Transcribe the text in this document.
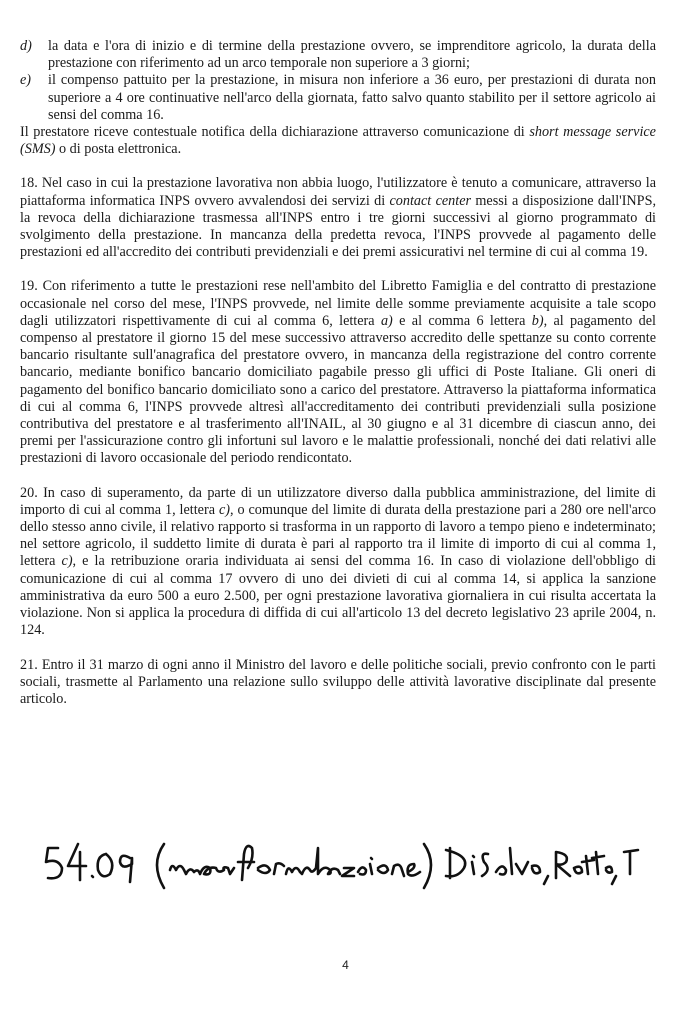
d) la data e l'ora di inizio e di termine della prestazione ovvero, se imprenditore agricolo, la durata della prestazione con riferimento ad un arco temporale non superiore a 3 giorni;
e) il compenso pattuito per la prestazione, in misura non inferiore a 36 euro, per prestazioni di durata non superiore a 4 ore continuative nell'arco della giornata, fatto salvo quanto stabilito per il settore agricolo ai sensi del comma 16.

Il prestatore riceve contestuale notifica della dichiarazione attraverso comunicazione di short message service (SMS) o di posta elettronica.

18. Nel caso in cui la prestazione lavorativa non abbia luogo, l'utilizzatore è tenuto a comunicare, attraverso la piattaforma informatica INPS ovvero avvalendosi dei servizi di contact center messi a disposizione dall'INPS, la revoca della dichiarazione trasmessa all'INPS entro i tre giorni successivi al giorno programmato di svolgimento della prestazione. In mancanza della predetta revoca, l'INPS provvede al pagamento delle prestazioni ed all'accredito dei contributi previdenziali e dei premi assicurativi nel termine di cui al comma 19.

19. Con riferimento a tutte le prestazioni rese nell'ambito del Libretto Famiglia e del contratto di prestazione occasionale nel corso del mese, l'INPS provvede, nel limite delle somme previamente acquisite a tale scopo dagli utilizzatori rispettivamente di cui al comma 6, lettera a) e al comma 6 lettera b), al pagamento del compenso al prestatore il giorno 15 del mese successivo attraverso accredito delle spettanze su conto corrente bancario risultante sull'anagrafica del prestatore ovvero, in mancanza della registrazione del contro corrente bancario, mediante bonifico bancario domiciliato pagabile presso gli uffici di Poste Italiane. Gli oneri di pagamento del bonifico bancario domiciliato sono a carico del prestatore. Attraverso la piattaforma informatica di cui al comma 6, l'INPS provvede altresì all'accreditamento dei contributi previdenziali sulla posizione contributiva del prestatore e al trasferimento all'INAIL, al 30 giugno e al 31 dicembre di ciascun anno, dei premi per l'assicurazione contro gli infortuni sul lavoro e le malattie professionali, nonché dei dati relativi alle prestazioni di lavoro occasionale del periodo rendicontato.

20. In caso di superamento, da parte di un utilizzatore diverso dalla pubblica amministrazione, del limite di importo di cui al comma 1, lettera c), o comunque del limite di durata della prestazione pari a 280 ore nell'arco dello stesso anno civile, il relativo rapporto si trasforma in un rapporto di lavoro a tempo pieno e indeterminato; nel settore agricolo, il suddetto limite di durata è pari al rapporto tra il limite di importo di cui al comma 1, lettera c), e la retribuzione oraria individuata ai sensi del comma 16. In caso di violazione dell'obbligo di comunicazione di cui al comma 17 ovvero di uno dei divieti di cui al comma 14, si applica la sanzione amministrativa da euro 500 a euro 2.500, per ogni prestazione lavorativa giornaliera in cui risulta accertata la violazione. Non si applica la procedura di diffida di cui all'articolo 13 del decreto legislativo 23 aprile 2004, n. 124.

21. Entro il 31 marzo di ogni anno il Ministro del lavoro e delle politiche sociali, previo confronto con le parti sociali, trasmette al Parlamento una relazione sullo sviluppo delle attività lavorative disciplinate dal presente articolo.

4
